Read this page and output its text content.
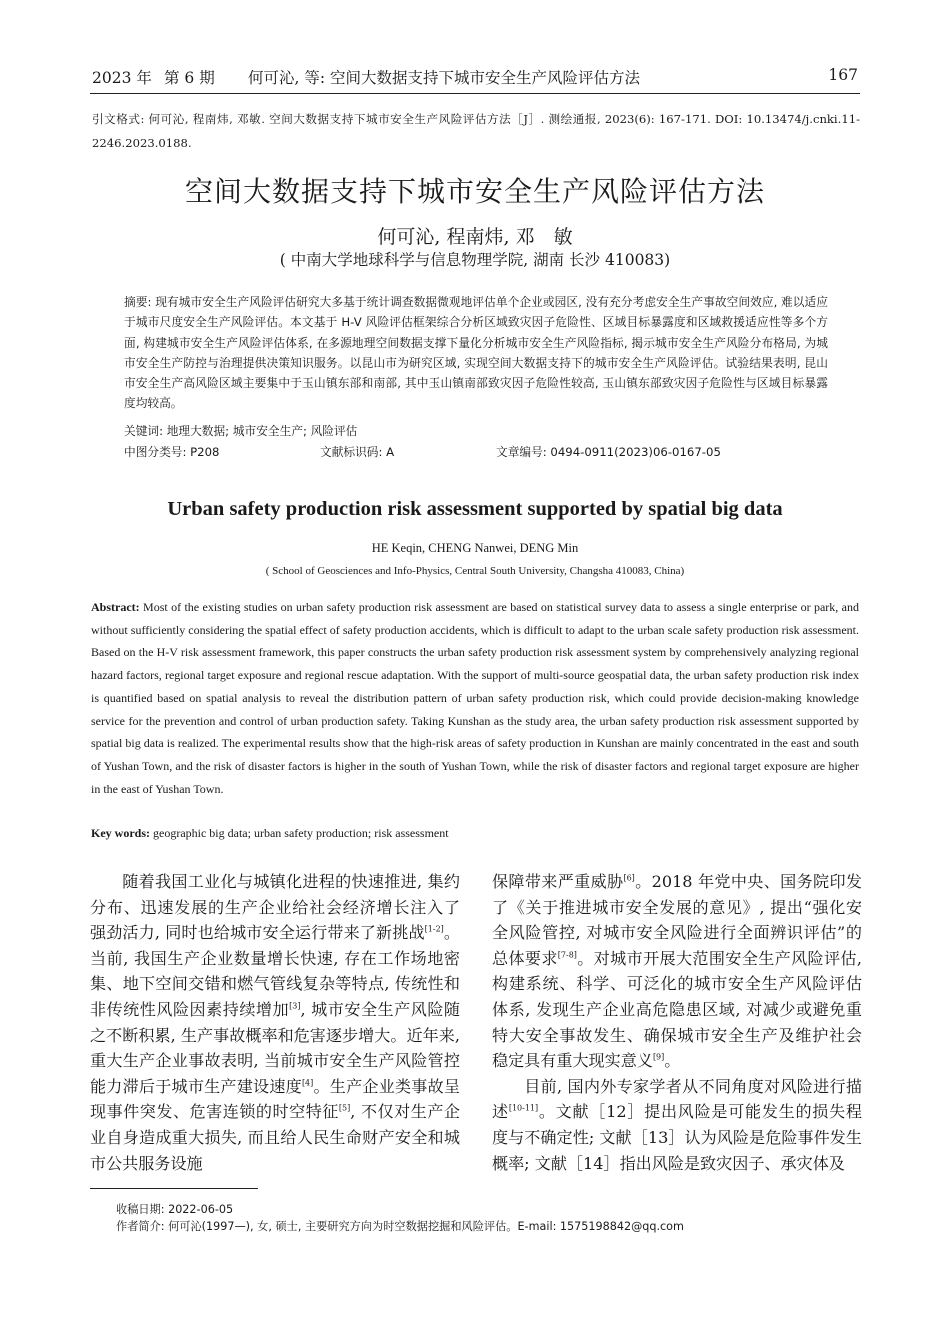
2023 年 第 6 期 何可沁, 等: 空间大数据支持下城市安全生产风险评估方法	167
引文格式: 何可沁, 程南炜, 邓敏. 空间大数据支持下城市安全生产风险评估方法［J］. 测绘通报, 2023(6): 167-171. DOI: 10.13474/j.cnki.11-2246.2023.0188.
空间大数据支持下城市安全生产风险评估方法
何可沁, 程南炜, 邓　敏
( 中南大学地球科学与信息物理学院, 湖南 长沙 410083)
摘要: 现有城市安全生产风险评估研究大多基于统计调查数据微观地评估单个企业或园区, 没有充分考虑安全生产事故空间效应, 难以适应于城市尺度安全生产风险评估。本文基于 H-V 风险评估框架综合分析区域致灾因子危险性、区域目标暴露度和区域救援适应性等多个方面, 构建城市安全生产风险评估体系, 在多源地理空间数据支撑下量化分析城市安全生产风险指标, 揭示城市安全生产风险分布格局, 为城市安全生产防控与治理提供决策知识服务。以昆山市为研究区域, 实现空间大数据支持下的城市安全生产风险评估。试验结果表明, 昆山市安全生产高风险区域主要集中于玉山镇东部和南部, 其中玉山镇南部致灾因子危险性较高, 玉山镇东部致灾因子危险性与区域目标暴露度均较高。
关键词: 地理大数据; 城市安全生产; 风险评估
中图分类号: P208	文献标识码: A	文章编号: 0494-0911(2023)06-0167-05
Urban safety production risk assessment supported by spatial big data
HE Keqin, CHENG Nanwei, DENG Min
( School of Geosciences and Info-Physics, Central South University, Changsha 410083, China)
Abstract: Most of the existing studies on urban safety production risk assessment are based on statistical survey data to assess a single enterprise or park, and without sufficiently considering the spatial effect of safety production accidents, which is difficult to adapt to the urban scale safety production risk assessment. Based on the H-V risk assessment framework, this paper constructs the urban safety production risk assessment system by comprehensively analyzing regional hazard factors, regional target exposure and regional rescue adaptation. With the support of multi-source geospatial data, the urban safety production risk index is quantified based on spatial analysis to reveal the distribution pattern of urban safety production risk, which could provide decision-making knowledge service for the prevention and control of urban production safety. Taking Kunshan as the study area, the urban safety production risk assessment supported by spatial big data is realized. The experimental results show that the high-risk areas of safety production in Kunshan are mainly concentrated in the east and south of Yushan Town, and the risk of disaster factors is higher in the south of Yushan Town, while the risk of disaster factors and regional target exposure are higher in the east of Yushan Town.
Key words: geographic big data; urban safety production; risk assessment

随着我国工业化与城镇化进程的快速推进, 集约分布、迅速发展的生产企业给社会经济增长注入了强劲活力, 同时也给城市安全运行带来了新挑战[1-2]。当前, 我国生产企业数量增长快速, 存在工作场地密集、地下空间交错和燃气管线复杂等特点, 传统性和非传统性风险因素持续增加[3], 城市安全生产风险随之不断积累, 生产事故概率和危害逐步增大。近年来, 重大生产企业事故表明, 当前城市安全生产风险管控能力滞后于城市生产建设速度[4]。生产企业类事故呈现事件突发、危害连锁的时空特征[5], 不仅对生产企业自身造成重大损失, 而且给人民生命财产安全和城市公共服务设施

保障带来严重威胁[6]。2018 年党中央、国务院印发了《关于推进城市安全发展的意见》, 提出“强化安全风险管控, 对城市安全风险进行全面辨识评估”的总体要求[7-8]。对城市开展大范围安全生产风险评估, 构建系统、科学、可泛化的城市安全生产风险评估体系, 发现生产企业高危隐患区域, 对减少或避免重特大安全事故发生、确保城市安全生产及维护社会稳定具有重大现实意义[9]。

目前, 国内外专家学者从不同角度对风险进行描述[10-11]。文献［12］提出风险是可能发生的损失程度与不确定性; 文献［13］认为风险是危险事件发生概率; 文献［14］指出风险是致灾因子、承灾体及

收稿日期: 2022-06-05
作者简介: 何可沁(1997—), 女, 硕士, 主要研究方向为时空数据挖掘和风险评估。E-mail: 1575198842@qq.com
